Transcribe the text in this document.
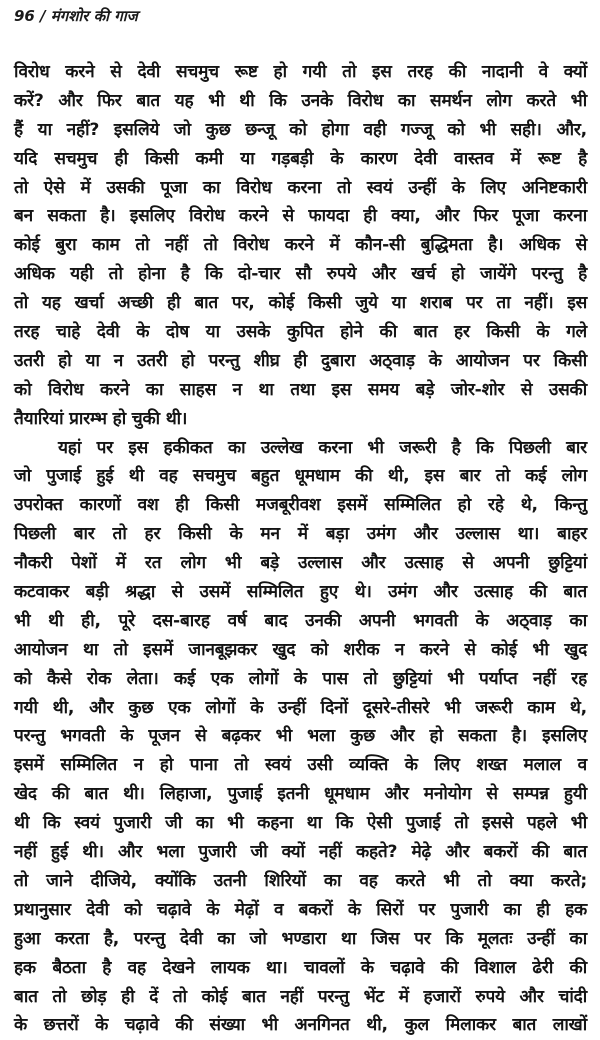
96 / मंगशोर की गाज
विरोध करने से देवी सचमुच रूष्ट हो गयी तो इस तरह की नादानी वे क्यों
करें? और फिर बात यह भी थी कि उनके विरोध का समर्थन लोग करते भी
हैं या नहीं? इसलिये जो कुछ छन्जू को होगा वही गज्जू को भी सही। और,
यदि सचमुच ही किसी कमी या गड़बड़ी के कारण देवी वास्तव में रूष्ट है
तो ऐसे में उसकी पूजा का विरोध करना तो स्वयं उन्हीं के लिए अनिष्टकारी
बन सकता है। इसलिए विरोध करने से फायदा ही क्या, और फिर पूजा करना
कोई बुरा काम तो नहीं तो विरोध करने में कौन-सी बुद्धिमता है। अधिक से
अधिक यही तो होना है कि दो-चार सौ रुपये और खर्च हो जायेंगे परन्तु है
तो यह खर्चा अच्छी ही बात पर, कोई किसी जुये या शराब पर ता नहीं। इस
तरह चाहे देवी के दोष या उसके कुपित होने की बात हर किसी के गले
उतरी हो या न उतरी हो परन्तु शीघ्र ही दुबारा अठ्वाड़ के आयोजन पर किसी
को विरोध करने का साहस न था तथा इस समय बड़े जोर-शोर से उसकी
तैयारियां प्रारम्भ हो चुकी थी।
यहां पर इस हकीकत का उल्लेख करना भी जरूरी है कि पिछली बार
जो पुजाई हुई थी वह सचमुच बहुत धूमधाम की थी, इस बार तो कई लोग
उपरोक्त कारणों वश ही किसी मजबूरीवश इसमें सम्मिलित हो रहे थे, किन्तु
पिछली बार तो हर किसी के मन में बड़ा उमंग और उल्लास था। बाहर
नौकरी पेशों में रत लोग भी बड़े उल्लास और उत्साह से अपनी छुट्टियां
कटवाकर बड़ी श्रद्धा से उसमें सम्मिलित हुए थे। उमंग और उत्साह की बात
भी थी ही, पूरे दस-बारह वर्ष बाद उनकी अपनी भगवती के अठ्वाड़ का
आयोजन था तो इसमें जानबूझकर खुद को शरीक न करने से कोई भी खुद
को कैसे रोक लेता। कई एक लोगों के पास तो छुट्टियां भी पर्याप्त नहीं रह
गयी थी, और कुछ एक लोगों के उन्हीं दिनों दूसरे-तीसरे भी जरूरी काम थे,
परन्तु भगवती के पूजन से बढ़कर भी भला कुछ और हो सकता है। इसलिए
इसमें सम्मिलित न हो पाना तो स्वयं उसी व्यक्ति के लिए शख्त मलाल व
खेद की बात थी। लिहाजा, पुजाई इतनी धूमधाम और मनोयोग से सम्पन्न हुयी
थी कि स्वयं पुजारी जी का भी कहना था कि ऐसी पुजाई तो इससे पहले भी
नहीं हुई थी। और भला पुजारी जी क्यों नहीं कहते? मेढ़े और बकरों की बात
तो जाने दीजिये, क्योंकि उतनी शिरियों का वह करते भी तो क्या करते;
प्रथानुसार देवी को चढ़ावे के मेढ़ों व बकरों के सिरों पर पुजारी का ही हक
हुआ करता है, परन्तु देवी का जो भण्डारा था जिस पर कि मूलतः उन्हीं का
हक बैठता है वह देखने लायक था। चावलों के चढ़ावे की विशाल ढेरी की
बात तो छोड़ ही दें तो कोई बात नहीं परन्तु भेंट में हजारों रुपये और चांदी
के छत्तरों के चढ़ावे की संख्या भी अनगिनत थी, कुल मिलाकर बात लाखों
